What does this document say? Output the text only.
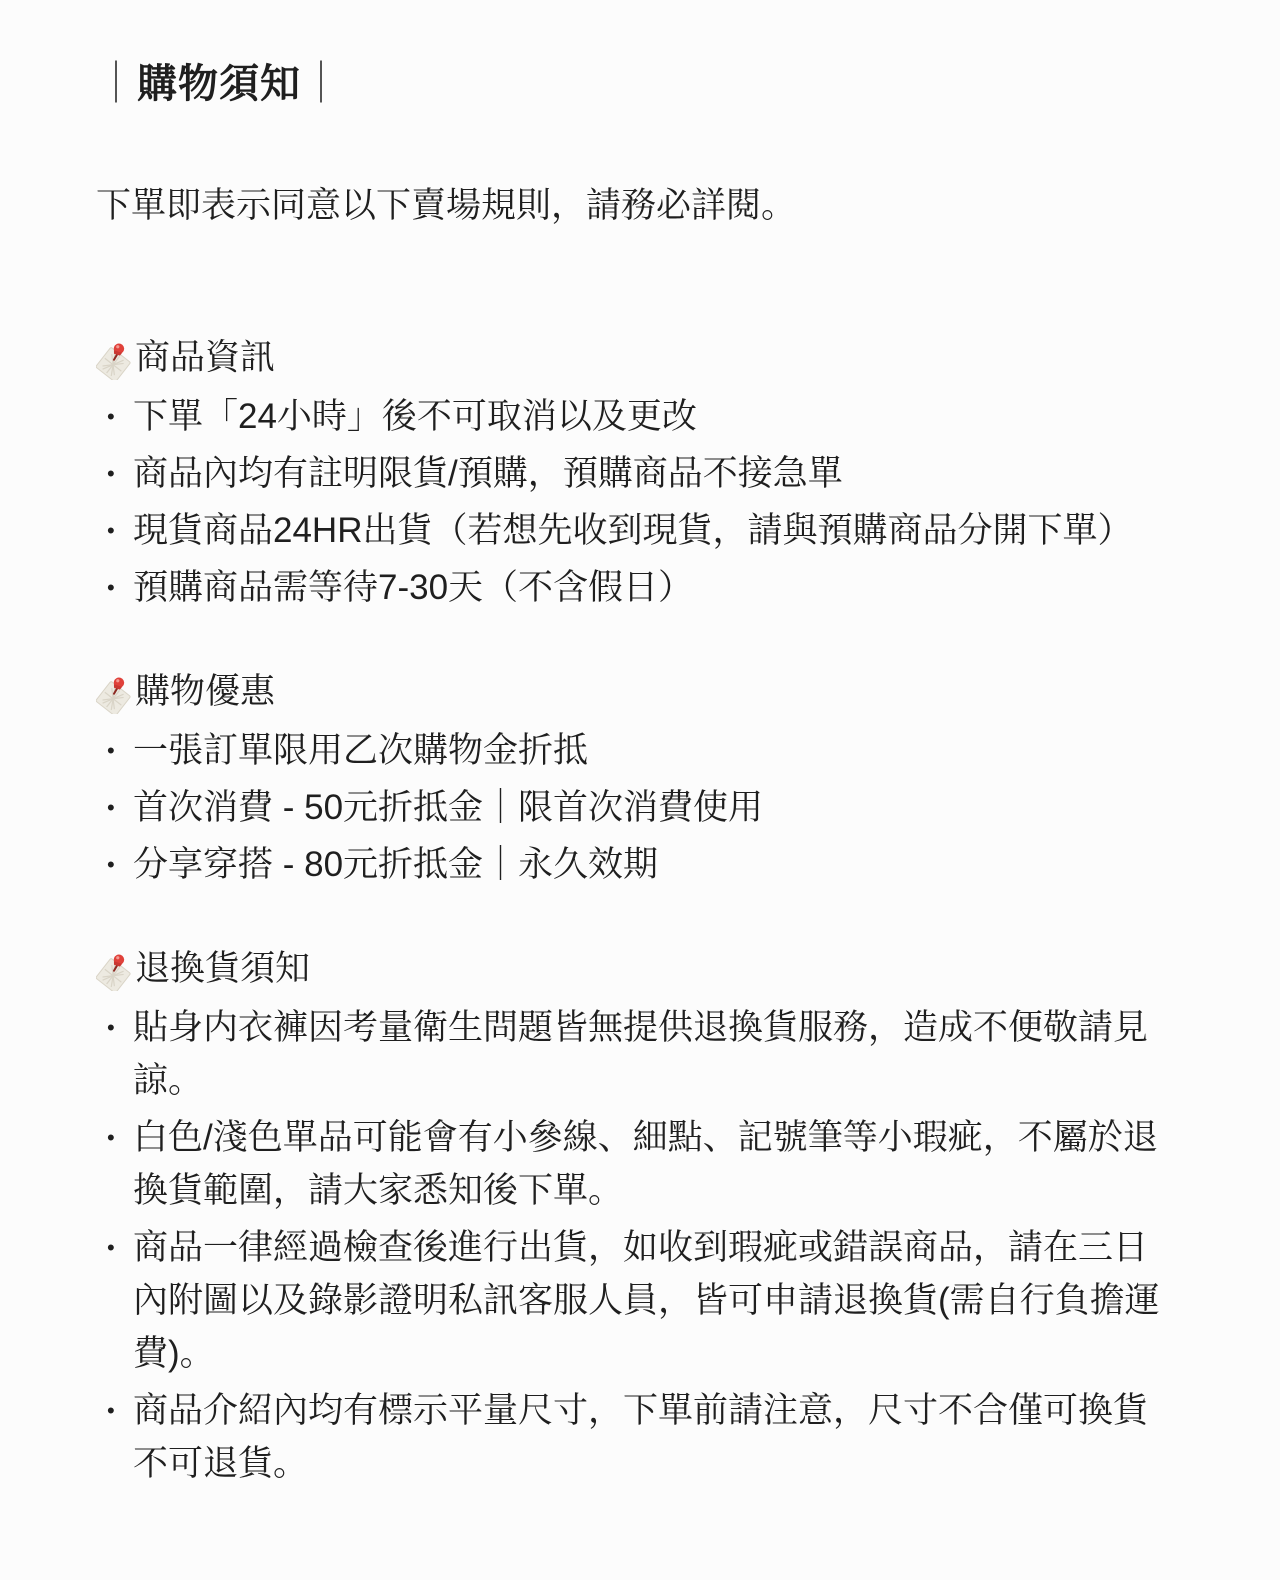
｜ 購物須知 ｜

下單即表示同意以下賣場規則，請務必詳閱。

商品資訊
• 下單「24小時」後不可取消以及更改
• 商品內均有註明限貨/預購，預購商品不接急單
• 現貨商品24HR出貨（若想先收到現貨，請與預購商品分開下單）
• 預購商品需等待7-30天（不含假日）
購物優惠
• 一張訂單限用乙次購物金折抵
• 首次消費 - 50元折抵金｜限首次消費使用
• 分享穿搭 - 80元折抵金｜永久效期
退換貨須知
• 貼身内衣褲因考量衛生問題皆無提供退換貨服務，造成不便敬請見諒。
• 白色/淺色單品可能會有小參線、細點、記號筆等小瑕疵，不屬於退換貨範圍，請大家悉知後下單。
• 商品一律經過檢查後進行出貨，如收到瑕疵或錯誤商品，請在三日內附圖以及錄影證明私訊客服人員，皆可申請退換貨(需自行負擔運費)。
• 商品介紹內均有標示平量尺寸，下單前請注意，尺寸不合僅可換貨不可退貨。
